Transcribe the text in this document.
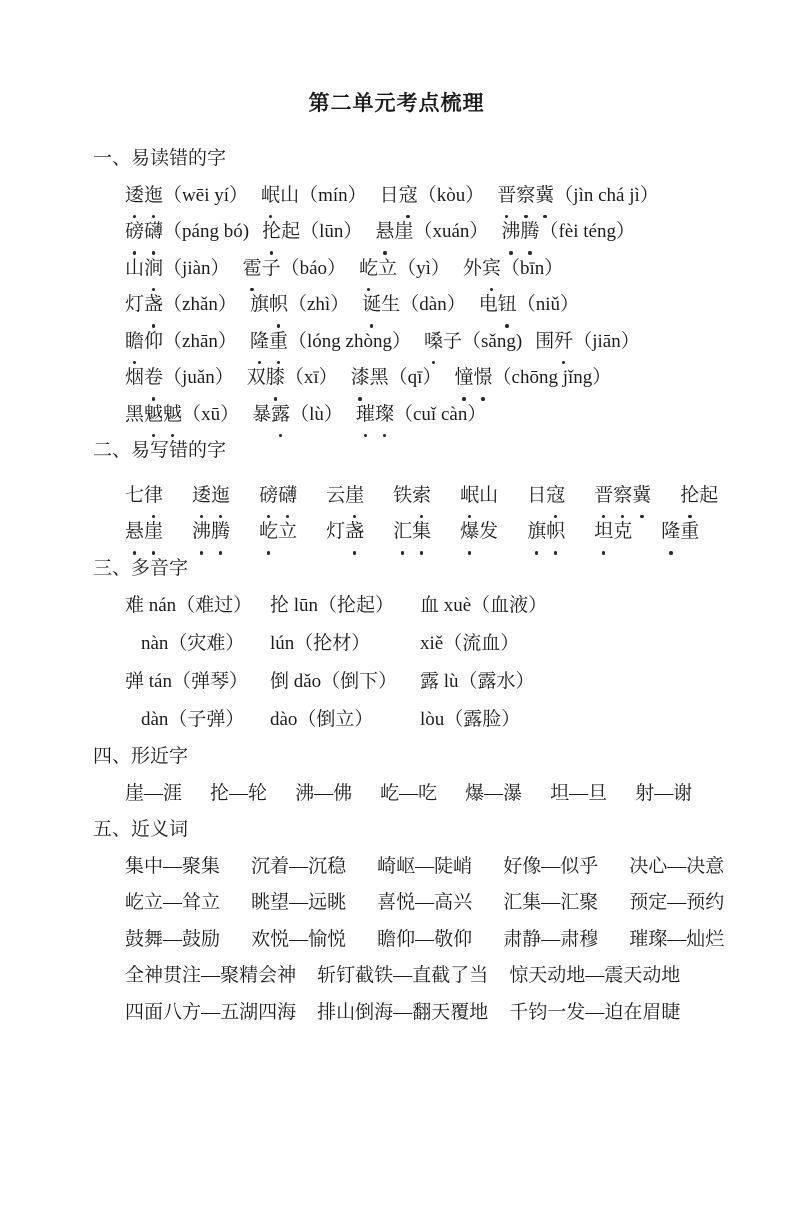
第二单元考点梳理
一、易读错的字
逶迤（wēi yí） 岷山（mín） 日寇（kòu） 晋察冀（jìn chá jì）
磅礴（páng bó) 抡起（lūn） 悬崖（xuán） 沸腾（fèi téng）
山涧（jiàn） 雹子（báo） 屹立（yì） 外宾（bīn）
灯盏（zhǎn） 旗帜（zhì） 诞生（dàn） 电钮（niǔ）
瞻仰（zhān） 隆重（lóng zhòng） 嗓子（sǎng) 围歼（jiān）
烟卷（juǎn） 双膝（xī） 漆黑（qī） 憧憬（chōng jǐng）
黑魆魆（xū） 暴露（lù） 璀璨（cuǐ càn）
二、易写错的字
七律 逶迤 磅礴 云崖 铁索 岷山 日寇 晋察冀 抡起
悬崖 沸腾 屹立 灯盏 汇集 爆发 旗帜 坦克 隆重
三、多音字
难 nán（难过） 抡 lūn（抡起）	血 xuè（血液）
nàn（灾难）	lún（抡材）	xiě（流血）
弹 tán（弹琴）	倒 dǎo（倒下）	露 lù（露水）
dàn（子弹）	dào（倒立）	lòu（露脸）
四、形近字
崖—涯 抡—轮 沸—佛 屹—吃 爆—瀑 坦—旦 射—谢
五、近义词
集中—聚集 沉着—沉稳 崎岖—陡峭 好像—似乎 决心—决意
屹立—耸立 眺望—远眺 喜悦—高兴 汇集—汇聚 预定—预约
鼓舞—鼓励 欢悦—愉悦 瞻仰—敬仰 肃静—肃穆 璀璨—灿烂
全神贯注—聚精会神 斩钉截铁—直截了当 惊天动地—震天动地
四面八方—五湖四海 排山倒海—翻天覆地 千钧一发—迫在眉睫
